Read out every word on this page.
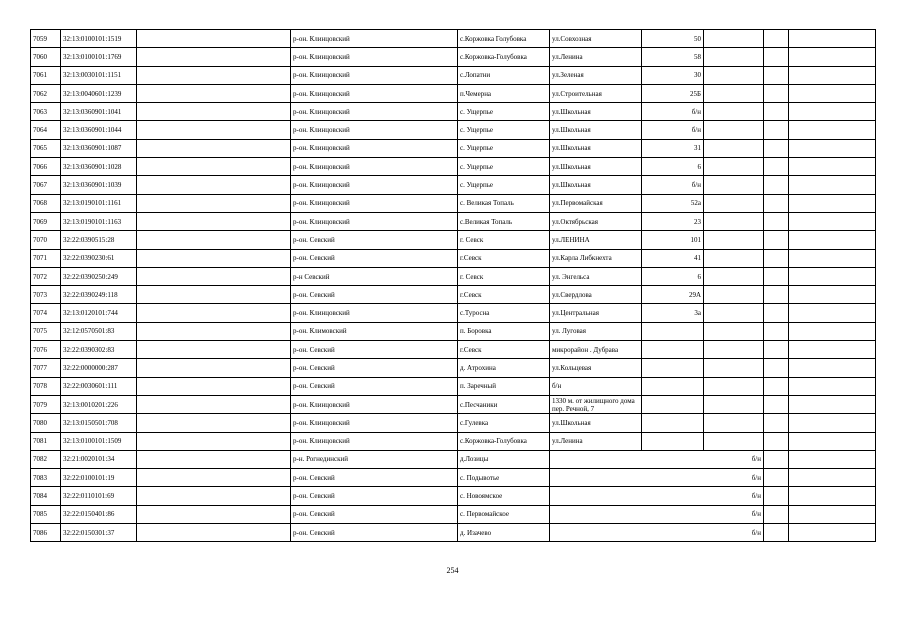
7059	32:13:0100101:1519		р-он. Клинцовский	с.Коржовка Голубовка	ул.Совхозная	50			
7060	32:13:0100101:1769		р-он. Клинцовский	с.Коржовка-Голубовка	ул.Ленина	58			
7061	32:13:0030101:1151		р-он. Клинцовский	с.Лопатни	ул.Зеленая	30			
7062	32:13:0040601:1239		р-он. Клинцовский	п.Чемерна	ул.Строительная	25Б			
7063	32:13:0360901:1041		р-он. Клинцовский	с. Ущерпье	ул.Школьная	б/н			
7064	32:13:0360901:1044		р-он. Клинцовский	с. Ущерпье	ул.Школьная	б/н			
7065	32:13:0360901:1087		р-он. Клинцовский	с. Ущерпье	ул.Школьная	31			
7066	32:13:0360901:1028		р-он. Клинцовский	с. Ущерпье	ул.Школьная	6			
7067	32:13:0360901:1039		р-он. Клинцовский	с. Ущерпье	ул.Школьная	б/н			
7068	32:13:0190101:1161		р-он. Клинцовский	с. Великая Топаль	ул.Первомайская	52а			
7069	32:13:0190101:1163		р-он. Клинцовский	с.Великая Топаль	ул.Октябрьская	23			
7070	32:22:0390515:28		р-он. Севский	г. Севск	ул.ЛЕНИНА	101			
7071	32:22:0390230:61		р-он. Севский	г.Севск	ул.Карла Либкнехта	41			
7072	32:22:0390250:249		р-н Севский	г. Севск	ул. Энгельса	6			
7073	32:22:0390249:118		р-он. Севский	г.Севск	ул.Свердлова	29А			
7074	32:13:0120101:744		р-он. Клинцовский	с.Туросна	ул.Центральная	3а			
7075	32:12:0570501:83		р-он. Климовский	п. Боровка	ул. Луговая				
7076	32:22:0390302:83		р-он. Севский	г.Севск	микрорайон . Дубрава				
7077	32:22:0000000:287		р-он. Севский	д. Атрохина	ул.Кольцевая				
7078	32:22:0030601:111		р-он. Севский	п. Заречный	б/н				
7079	32:13:0010201:226		р-он. Клинцовский	с.Песчаники	1330 м. от жилищного дома пер. Речной, 7				
7080	32:13:0150501:708		р-он. Клинцовский	с.Гулевка	ул.Школьная				
7081	32:13:0100101:1509		р-он. Клинцовский	с.Коржовка-Голубовка	ул.Ленина				
7082	32:21:0020101:34		р-н. Рогнединский	д.Лозицы	б/н				
7083	32:22:0100101:19		р-он. Севский	с. Подывотье	б/н				
7084	32:22:0110101:69		р-он. Севский	с. Новоямское	б/н				
7085	32:22:0150401:86		р-он. Севский	с. Первомайское	б/н				
7086	32:22:0150301:37		р-он. Севский	д. Изачево	б/н				
254
